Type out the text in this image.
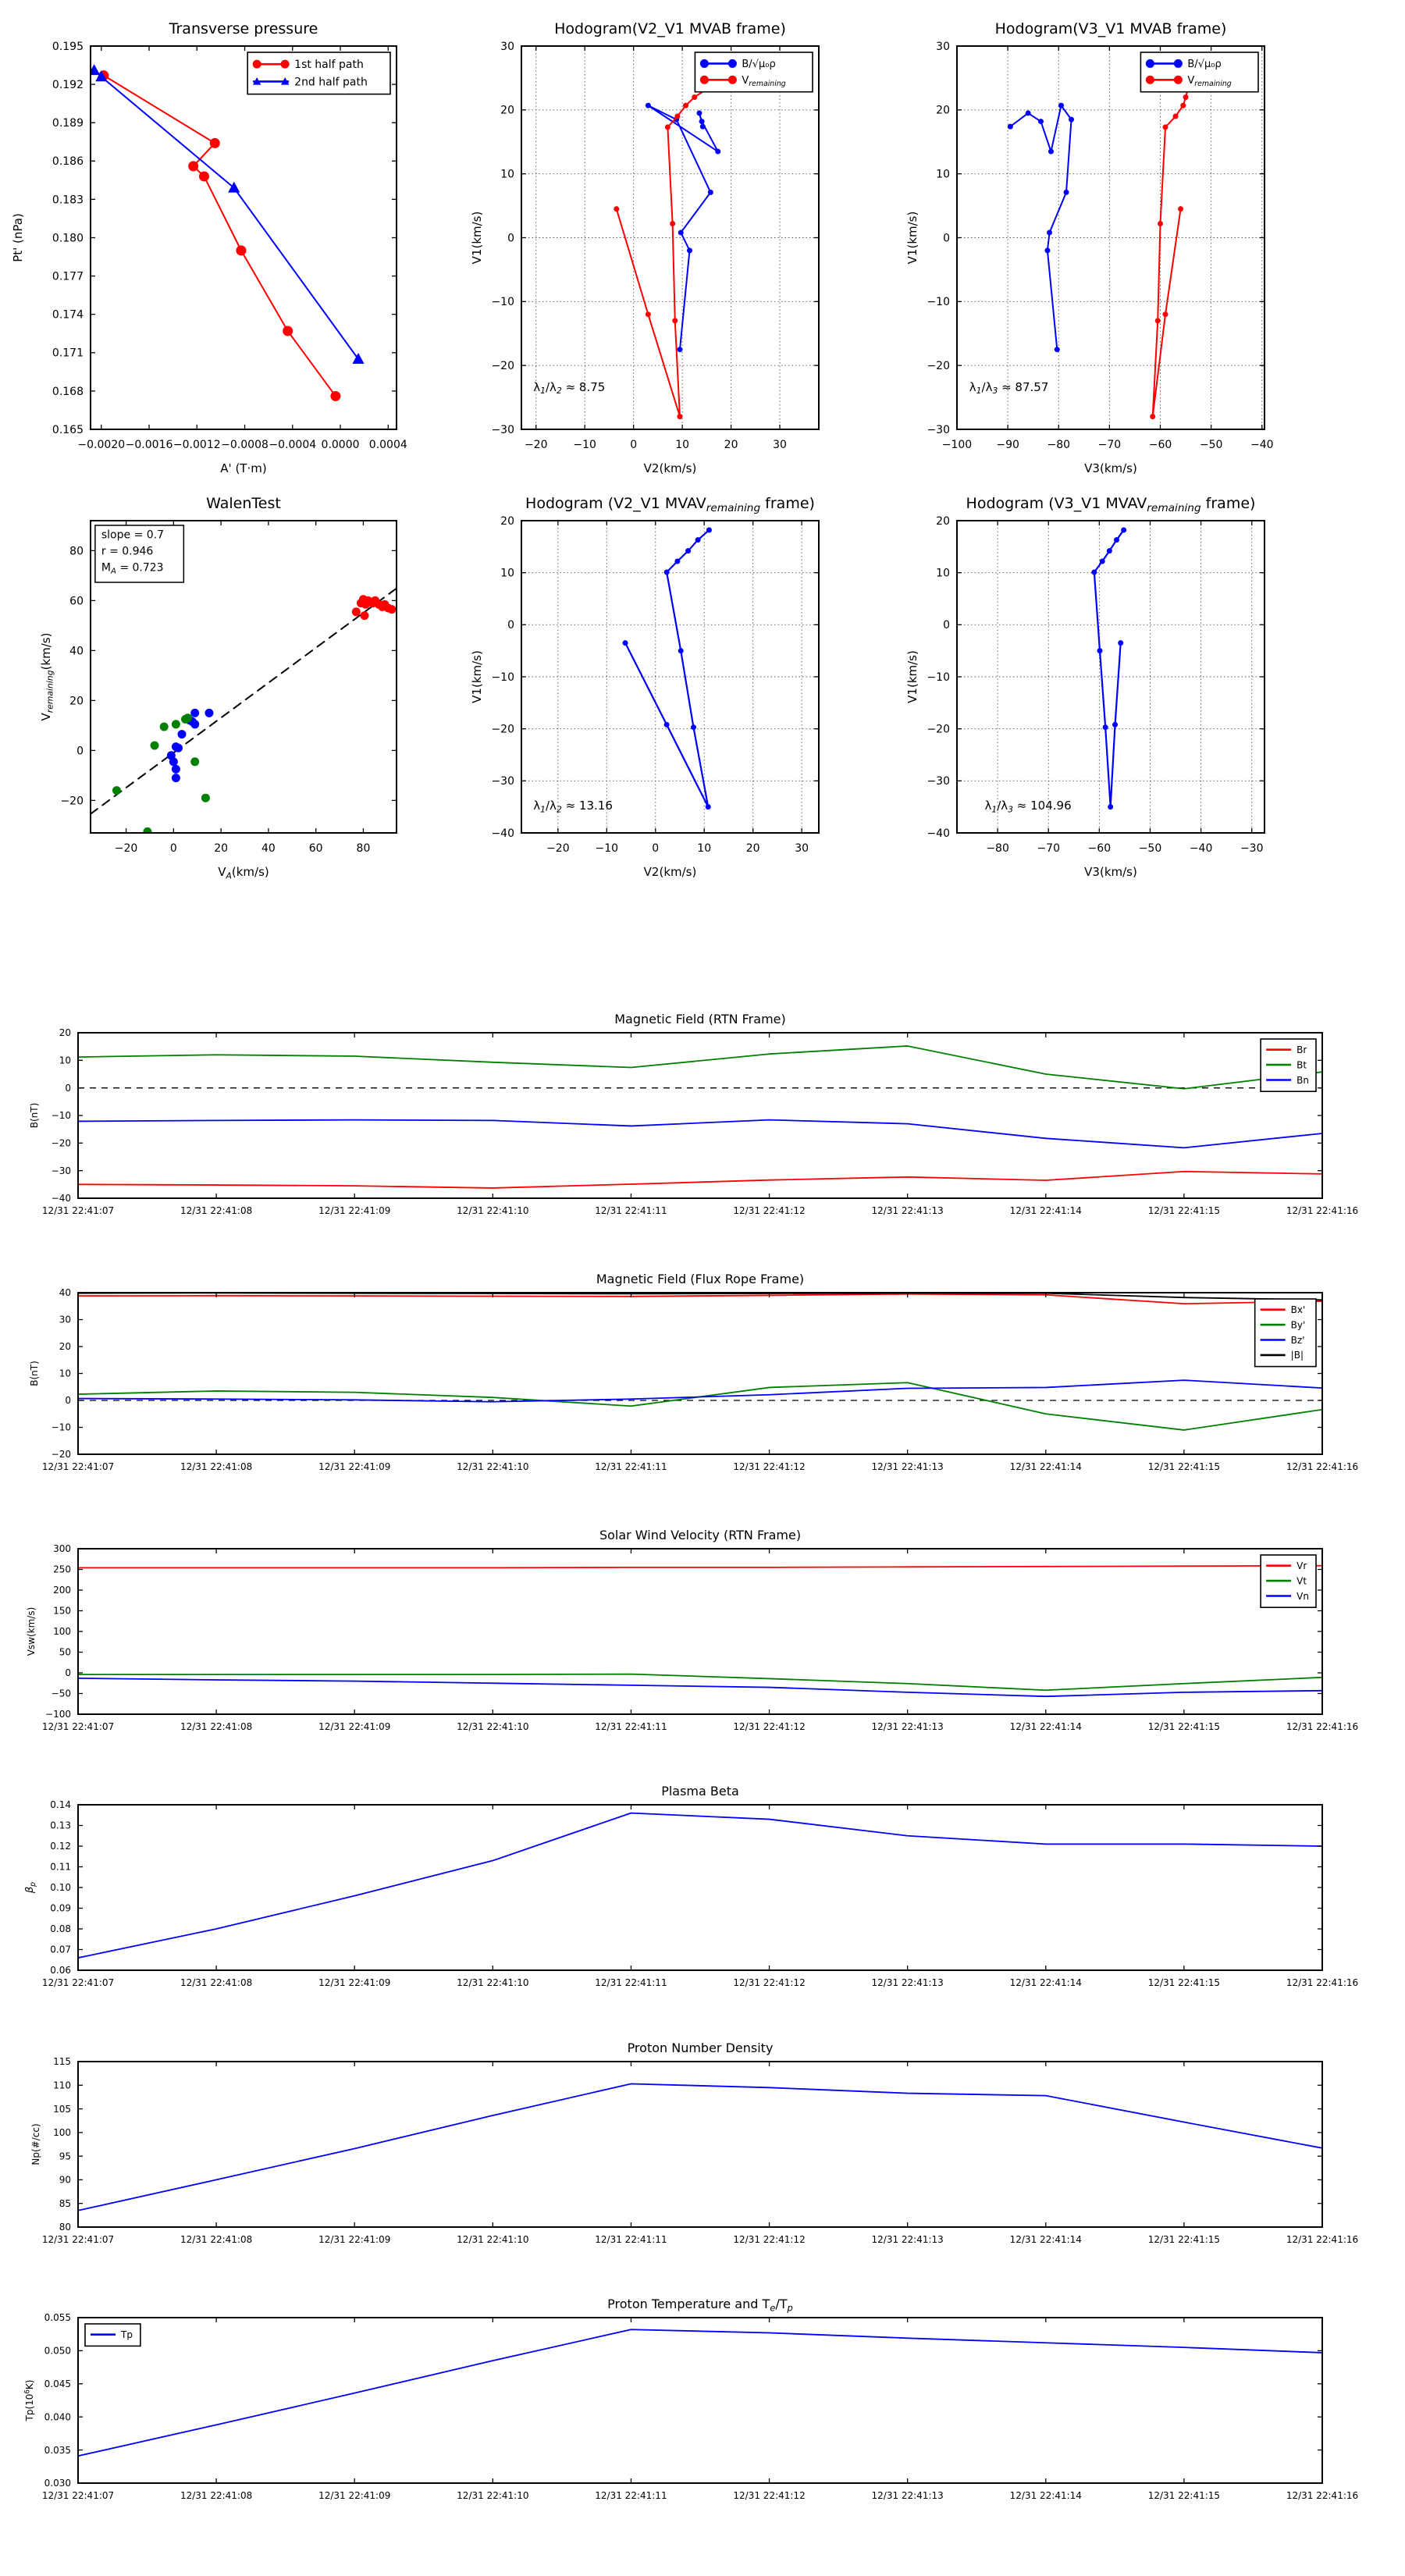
−0.0020 −0.0016 −0.0012 −0.0008 −0.0004 0.0000 0.0004
0.165
0.168
0.171
0.174
0.177
0.180
0.183
0.186
0.189
0.192
0.195
Transverse pressure
A' (T·m)
Pt' (nPa)
1st half path
2nd half path
−20 −10	0	10	20	30
−30
−20
−10
0
10
20
30
Hodogram(V2_V1 MVAB frame)
V2(km/s)
V1(km/s)
$\lambda_1/\lambda_2 \approx 8.75$
B/√μ₀ρ
$V_{remaining}$
−100 −90	−80	−70	−60	−50	−40
−30
−20
−10
0
10
20
30
Hodogram(V3_V1 MVAB frame)
V3(km/s)
V1(km/s)
$\lambda_1/\lambda_3 \approx 87.57$
B/√μ₀ρ
$V_{remaining}$
−20	0	20	40	60	80
−20
0
20
40
60
80
WalenTest
$V_A(km/s)$
$V_{remaining}(km/s)$
slope = 0.7
r = 0.946
$M_A = 0.723$
−20 −10	0	10	20	30
−40
−30
−20
−10
0
10
20
Hodogram (V2_V1 $MVAV_{remaining}$ frame)
V2(km/s)
V1(km/s)
$\lambda_1/\lambda_2 \approx 13.16$
−80	−70	−60	−50	−40	−30
−40
−30
−20
−10
0
10
20
Hodogram (V3_V1 $MVAV_{remaining}$ frame)
V3(km/s)
V1(km/s)
$\lambda_1/\lambda_3 \approx 104.96$
12/31 22:41:07	12/31 22:41:08	12/31 22:41:09	12/31 22:41:10	12/31 22:41:11	12/31 22:41:12	12/31 22:41:13	12/31 22:41:14	12/31 22:41:15	12/31 22:41:16
−40
−30
−20
−10
0
10
20
Magnetic Field (RTN Frame)
B(nT)
Br
Bt
Bn
12/31 22:41:07	12/31 22:41:08	12/31 22:41:09	12/31 22:41:10	12/31 22:41:11	12/31 22:41:12	12/31 22:41:13	12/31 22:41:14	12/31 22:41:15	12/31 22:41:16
−20
−10
0
10
20
30
40
Magnetic Field (Flux Rope Frame)
B(nT)
Bx'
By'
Bz'
|B|
12/31 22:41:07	12/31 22:41:08	12/31 22:41:09	12/31 22:41:10	12/31 22:41:11	12/31 22:41:12	12/31 22:41:13	12/31 22:41:14	12/31 22:41:15	12/31 22:41:16
−100
−50
0
50
100
150
200
250
300
Solar Wind Velocity (RTN Frame)
Vsw(km/s)
Vr
Vt
Vn
12/31 22:41:07	12/31 22:41:08	12/31 22:41:09	12/31 22:41:10	12/31 22:41:11	12/31 22:41:12	12/31 22:41:13	12/31 22:41:14	12/31 22:41:15	12/31 22:41:16
0.06
0.07
0.08
0.09
0.10
0.11
0.12
0.13
0.14
Plasma Beta
$\beta_p$
12/31 22:41:07	12/31 22:41:08	12/31 22:41:09	12/31 22:41:10	12/31 22:41:11	12/31 22:41:12	12/31 22:41:13	12/31 22:41:14	12/31 22:41:15	12/31 22:41:16
80
85
90
95
100
105
110
115
Proton Number Density
Np(#/cc)
12/31 22:41:07	12/31 22:41:08	12/31 22:41:09	12/31 22:41:10	12/31 22:41:11	12/31 22:41:12	12/31 22:41:13	12/31 22:41:14	12/31 22:41:15	12/31 22:41:16
0.030
0.035
0.040
0.045
0.050
0.055
Proton Temperature and $T_e/T_p$
$Tp(10^6K)$
Tp
